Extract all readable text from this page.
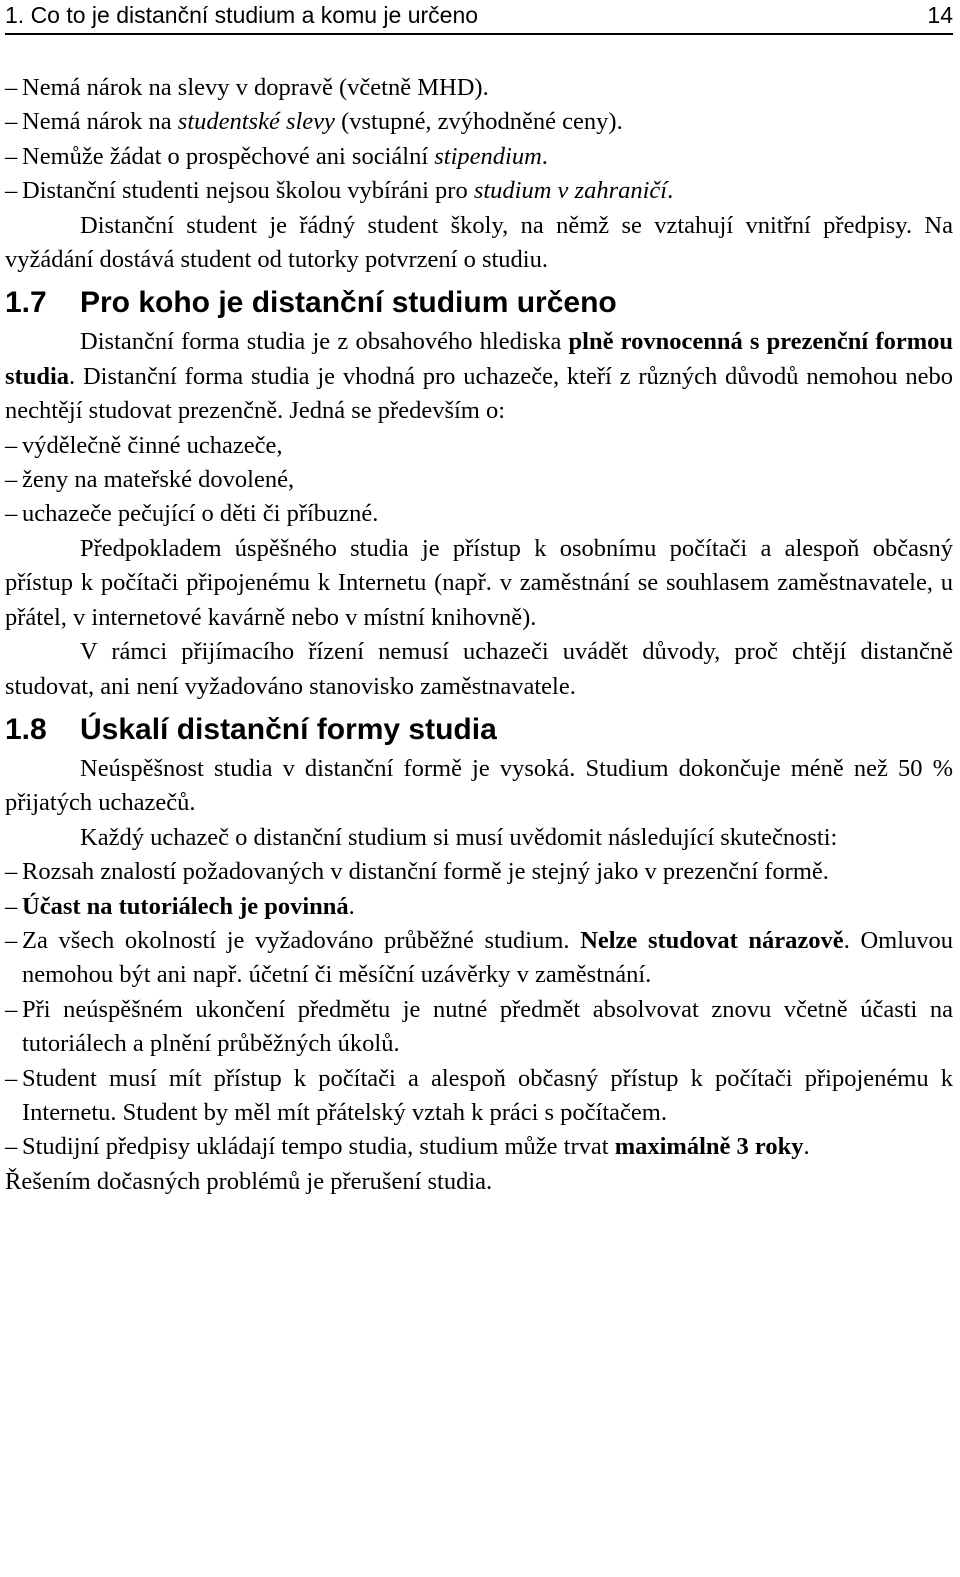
1. Co to je distanční studium a komu je určeno	14
– Nemá nárok na slevy v dopravě (včetně MHD).
– Nemá nárok na studentské slevy (vstupné, zvýhodněné ceny).
– Nemůže žádat o prospěchové ani sociální stipendium.
– Distanční studenti nejsou školou vybíráni pro studium v zahraničí.

Distanční student je řádný student školy, na němž se vztahují vnitřní předpisy. Na vyžádání dostává student od tutorky potvrzení o studiu.

1.7 Pro koho je distanční studium určeno

Distanční forma studia je z obsahového hlediska plně rovnocenná s prezenční formou studia. Distanční forma studia je vhodná pro uchazeče, kteří z různých důvodů nemohou nebo nechtějí studovat prezenčně. Jedná se především o:

– výdělečně činné uchazeče,
– ženy na mateřské dovolené,
– uchazeče pečující o děti či příbuzné.

Předpokladem úspěšného studia je přístup k osobnímu počítači a alespoň občasný přístup k počítači připojenému k Internetu (např. v zaměstnání se souhlasem zaměstnavatele, u přátel, v internetové kavárně nebo v místní knihovně).

V rámci přijímacího řízení nemusí uchazeči uvádět důvody, proč chtějí distančně studovat, ani není vyžadováno stanovisko zaměstnavatele.

1.8 Úskalí distanční formy studia

Neúspěšnost studia v distanční formě je vysoká. Studium dokončuje méně než 50 % přijatých uchazečů.

Každý uchazeč o distanční studium si musí uvědomit následující skutečnosti:

– Rozsah znalostí požadovaných v distanční formě je stejný jako v prezenční formě.
– Účast na tutoriálech je povinná.
– Za všech okolností je vyžadováno průběžné studium. Nelze studovat nárazově. Omluvou nemohou být ani např. účetní či měsíční uzávěrky v zaměstnání.
– Při neúspěšném ukončení předmětu je nutné předmět absolvovat znovu včetně účasti na tutoriálech a plnění průběžných úkolů.
– Student musí mít přístup k počítači a alespoň občasný přístup k počítači připojenému k Internetu. Student by měl mít přátelský vztah k práci s počítačem.
– Studijní předpisy ukládají tempo studia, studium může trvat maximálně 3 roky.

Řešením dočasných problémů je přerušení studia.
